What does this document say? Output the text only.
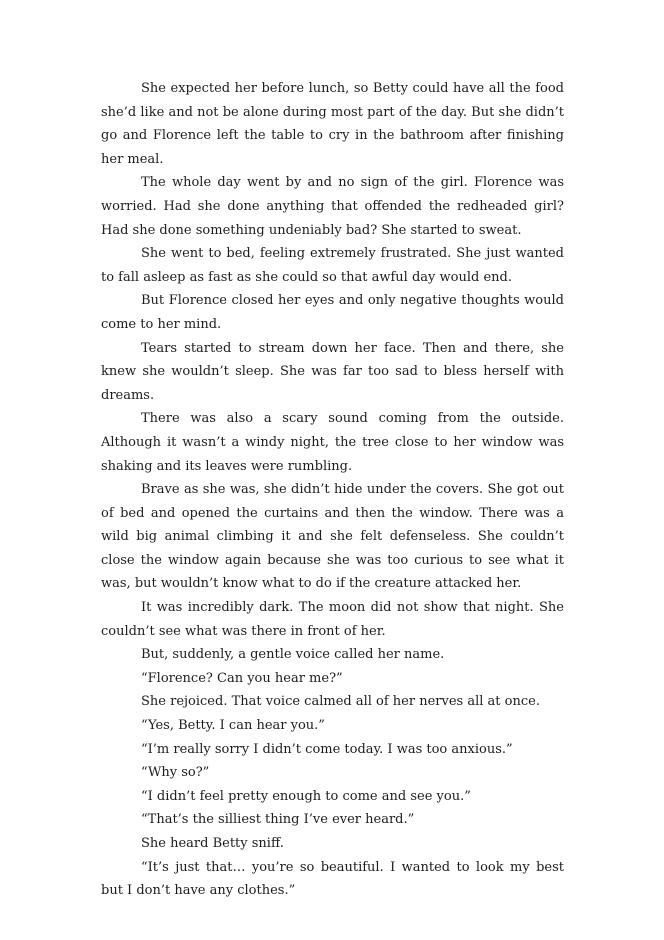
She expected her before lunch, so Betty could have all the food she’d like and not be alone during most part of the day. But she didn’t go and Florence left the table to cry in the bathroom after finishing her meal.

The whole day went by and no sign of the girl. Florence was worried. Had she done anything that offended the redheaded girl? Had she done something undeniably bad? She started to sweat.

She went to bed, feeling extremely frustrated. She just wanted to fall asleep as fast as she could so that awful day would end.

But Florence closed her eyes and only negative thoughts would come to her mind.

Tears started to stream down her face. Then and there, she knew she wouldn’t sleep. She was far too sad to bless herself with dreams.

There was also a scary sound coming from the outside. Although it wasn’t a windy night, the tree close to her window was shaking and its leaves were rumbling.

Brave as she was, she didn’t hide under the covers. She got out of bed and opened the curtains and then the window. There was a wild big animal climbing it and she felt defenseless. She couldn’t close the window again because she was too curious to see what it was, but wouldn’t know what to do if the creature attacked her.

It was incredibly dark. The moon did not show that night. She couldn’t see what was there in front of her.

But, suddenly, a gentle voice called her name.

“Florence? Can you hear me?”

She rejoiced. That voice calmed all of her nerves all at once.

“Yes, Betty. I can hear you.”

“I’m really sorry I didn’t come today. I was too anxious.”

“Why so?”

“I didn’t feel pretty enough to come and see you.”

“That’s the silliest thing I’ve ever heard.”

She heard Betty sniff.

“It’s just that… you’re so beautiful. I wanted to look my best but I don’t have any clothes.”
